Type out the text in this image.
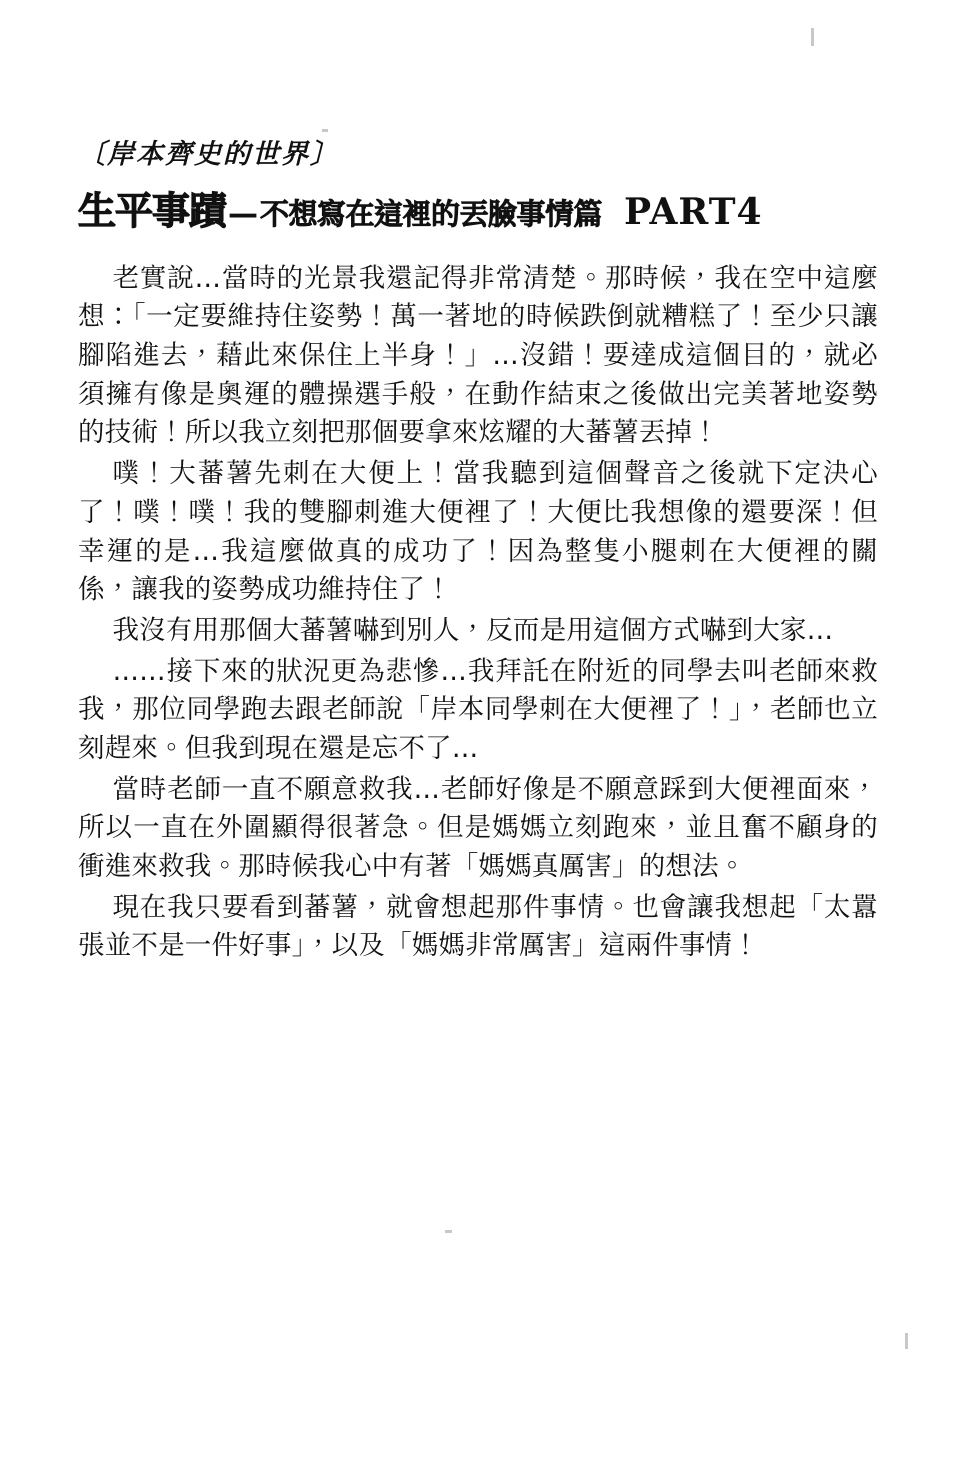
〔岸本齊史的世界〕
生平事蹟 — 不想寫在這裡的丟臉事情篇 PART4

老實說…當時的光景我還記得非常清楚。那時候，我在空中這麼想：「一定要維持住姿勢！萬一著地的時候跌倒就糟糕了！至少只讓腳陷進去，藉此來保住上半身！」…沒錯！要達成這個目的，就必須擁有像是奧運的體操選手般，在動作結束之後做出完美著地姿勢的技術！所以我立刻把那個要拿來炫耀的大蕃薯丟掉！

噗！大蕃薯先刺在大便上！當我聽到這個聲音之後就下定決心了！噗！噗！我的雙腳刺進大便裡了！大便比我想像的還要深！但幸運的是…我這麼做真的成功了！因為整隻小腿刺在大便裡的關係，讓我的姿勢成功維持住了！

我沒有用那個大蕃薯嚇到別人，反而是用這個方式嚇到大家…

……接下來的狀況更為悲慘…我拜託在附近的同學去叫老師來救我，那位同學跑去跟老師說「岸本同學刺在大便裡了！」，老師也立刻趕來。但我到現在還是忘不了…

當時老師一直不願意救我…老師好像是不願意踩到大便裡面來，所以一直在外圍顯得很著急。但是媽媽立刻跑來，並且奮不顧身的衝進來救我。那時候我心中有著「媽媽真厲害」的想法。

現在我只要看到蕃薯，就會想起那件事情。也會讓我想起「太囂張並不是一件好事」，以及「媽媽非常厲害」這兩件事情！
